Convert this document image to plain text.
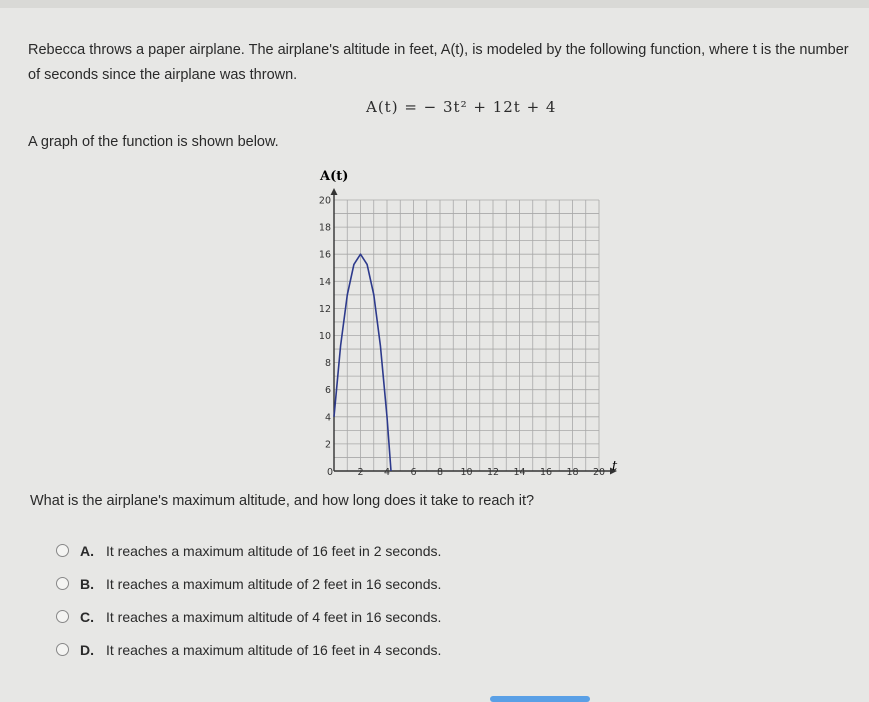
Rebecca throws a paper airplane. The airplane's altitude in feet, A(t), is modeled by the following function, where t is the number of seconds since the airplane was thrown.
A(t) = − 3t² + 12t + 4
A graph of the function is shown below.
0	2 4 6 8 10 12 14 16 18 20
2
4
6
8
10
12
14
16
18
20
A(t)
t
What is the airplane's maximum altitude, and how long does it take to reach it?
A. It reaches a maximum altitude of 16 feet in 2 seconds.
B. It reaches a maximum altitude of 2 feet in 16 seconds.
C. It reaches a maximum altitude of 4 feet in 16 seconds.
D. It reaches a maximum altitude of 16 feet in 4 seconds.
